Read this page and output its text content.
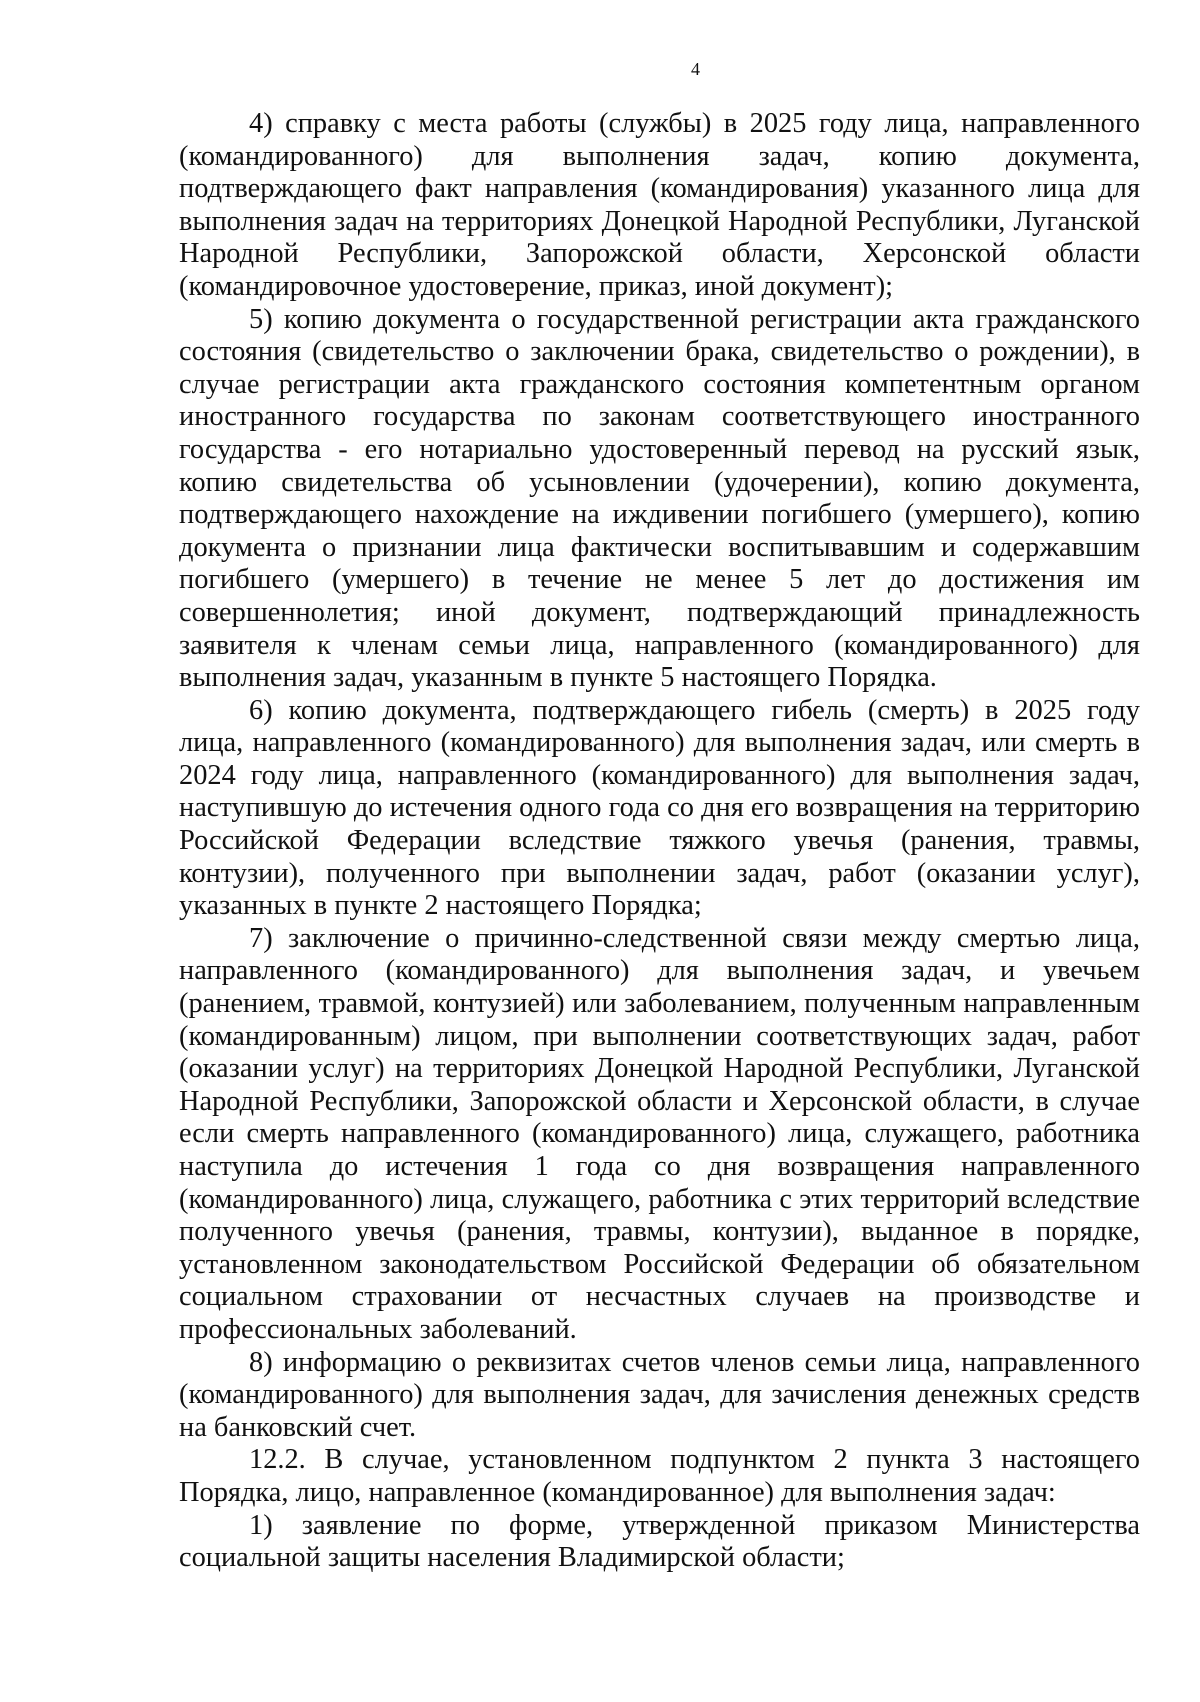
4

4) справку с места работы (службы) в 2025 году лица, направленного (командированного) для выполнения задач, копию документа, подтверждающего факт направления (командирования) указанного лица для выполнения задач на территориях Донецкой Народной Республики, Луганской Народной Республики, Запорожской области, Херсонской области (командировочное удостоверение, приказ, иной документ);

5) копию документа о государственной регистрации акта гражданского состояния (свидетельство о заключении брака, свидетельство о рождении), в случае регистрации акта гражданского состояния компетентным органом иностранного государства по законам соответствующего иностранного государства - его нотариально удостоверенный перевод на русский язык, копию свидетельства об усыновлении (удочерении), копию документа, подтверждающего нахождение на иждивении погибшего (умершего), копию документа о признании лица фактически воспитывавшим и содержавшим погибшего (умершего) в течение не менее 5 лет до достижения им совершеннолетия; иной документ, подтверждающий принадлежность заявителя к членам семьи лица, направленного (командированного) для выполнения задач, указанным в пункте 5 настоящего Порядка.

6) копию документа, подтверждающего гибель (смерть) в 2025 году лица, направленного (командированного) для выполнения задач, или смерть в 2024 году лица, направленного (командированного) для выполнения задач, наступившую до истечения одного года со дня его возвращения на территорию Российской Федерации вследствие тяжкого увечья (ранения, травмы, контузии), полученного при выполнении задач, работ (оказании услуг), указанных в пункте 2 настоящего Порядка;

7) заключение о причинно-следственной связи между смертью лица, направленного (командированного) для выполнения задач, и увечьем (ранением, травмой, контузией) или заболеванием, полученным направленным (командированным) лицом, при выполнении соответствующих задач, работ (оказании услуг) на территориях Донецкой Народной Республики, Луганской Народной Республики, Запорожской области и Херсонской области, в случае если смерть направленного (командированного) лица, служащего, работника наступила до истечения 1 года со дня возвращения направленного (командированного) лица, служащего, работника с этих территорий вследствие полученного увечья (ранения, травмы, контузии), выданное в порядке, установленном законодательством Российской Федерации об обязательном социальном страховании от несчастных случаев на производстве и профессиональных заболеваний.

8) информацию о реквизитах счетов членов семьи лица, направленного (командированного) для выполнения задач, для зачисления денежных средств на банковский счет.

12.2. В случае, установленном подпунктом 2 пункта 3 настоящего Порядка, лицо, направленное (командированное) для выполнения задач:

1) заявление по форме, утвержденной приказом Министерства социальной защиты населения Владимирской области;
